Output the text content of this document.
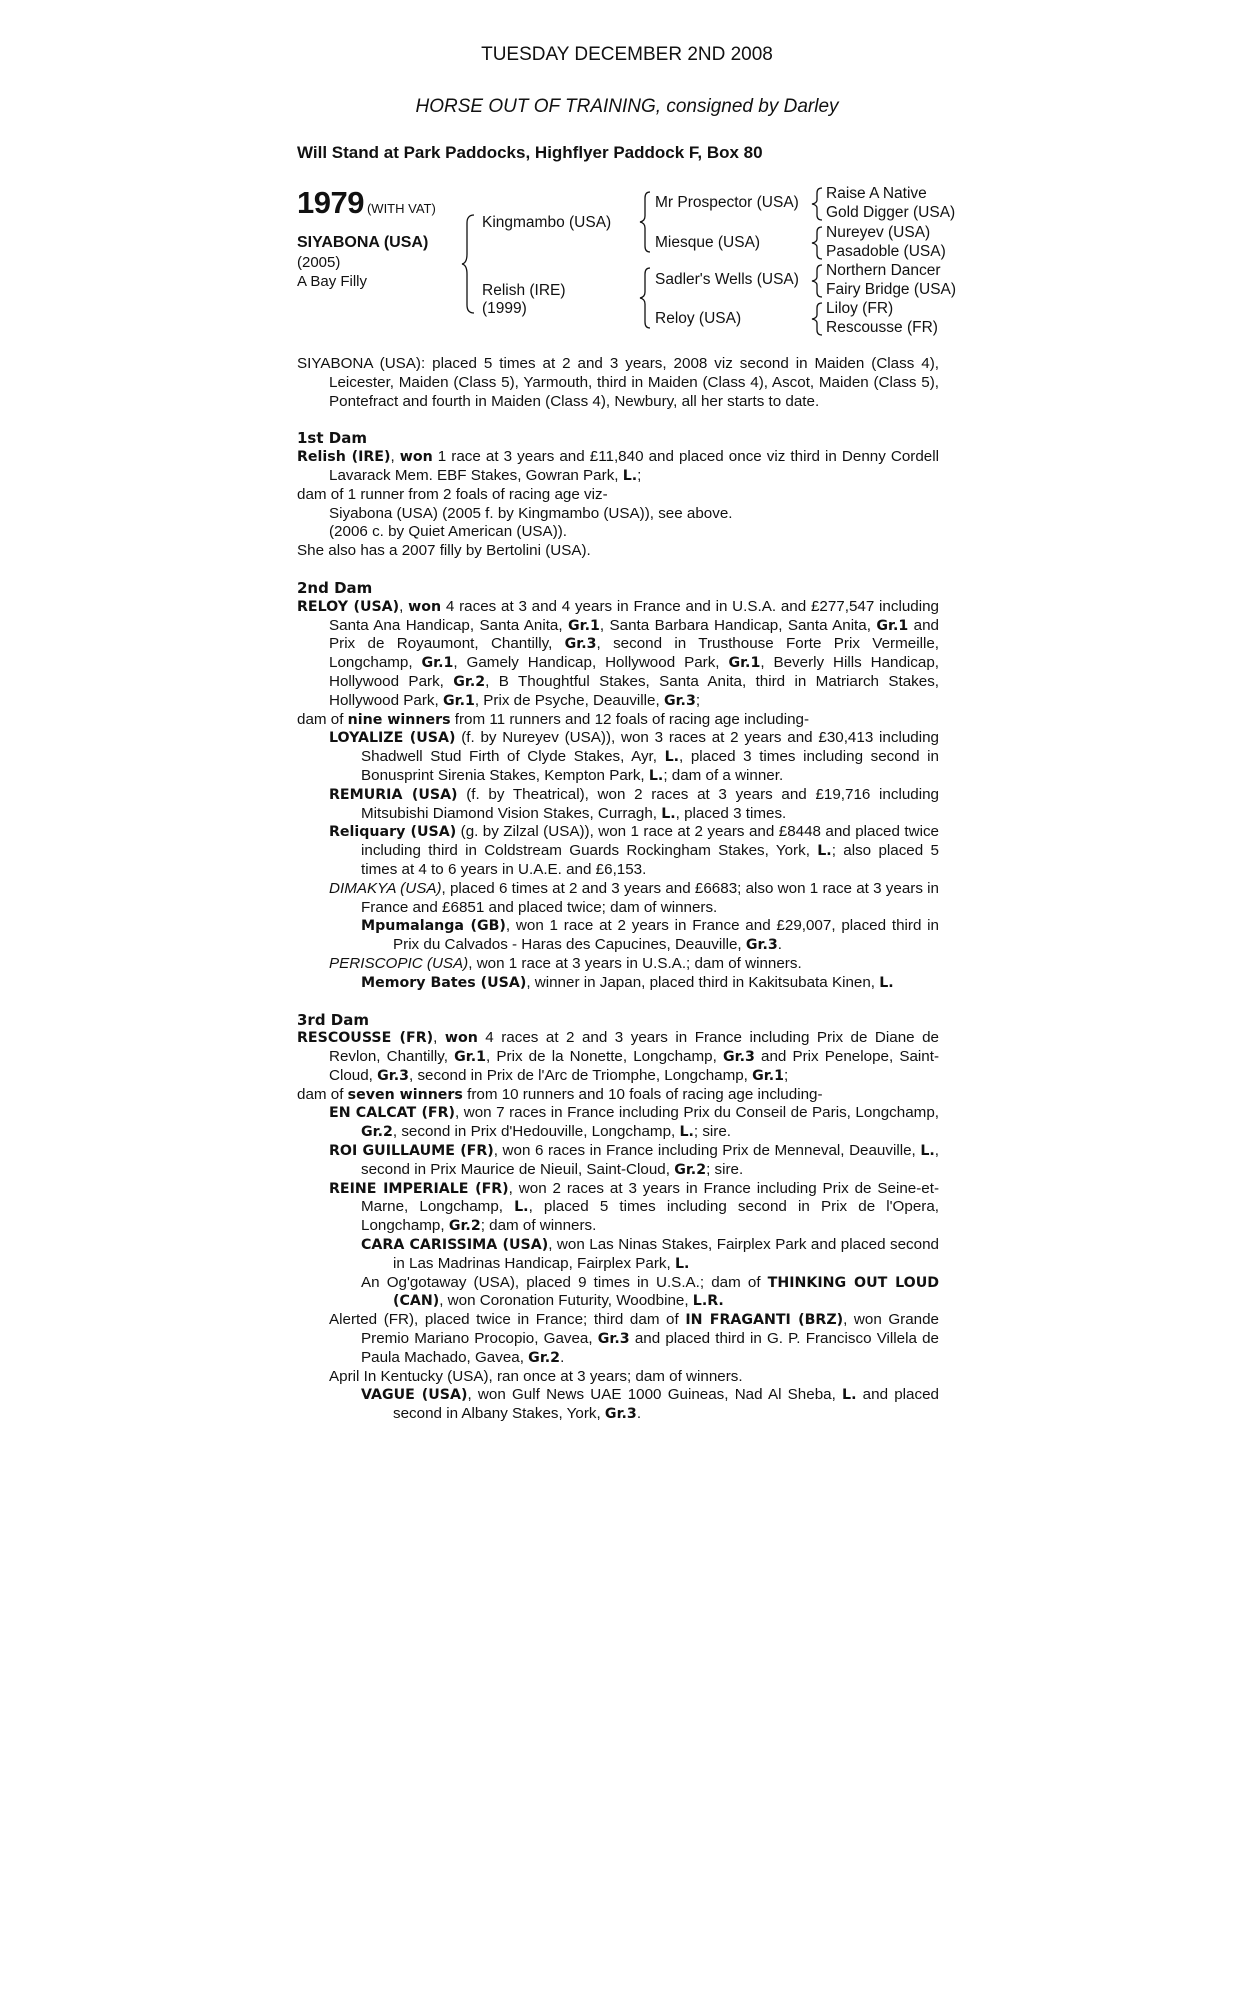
TUESDAY DECEMBER 2ND 2008
HORSE OUT OF TRAINING, consigned by Darley
Will Stand at Park Paddocks, Highflyer Paddock F, Box 80
1979 (WITH VAT)
SIYABONA (USA)
(2005)
A Bay Filly
Kingmambo (USA)
Relish (IRE)
(1999)
Mr Prospector (USA)
Miesque (USA)
Sadler's Wells (USA)
Reloy (USA)
Raise A Native
Gold Digger (USA)
Nureyev (USA)
Pasadoble (USA)
Northern Dancer
Fairy Bridge (USA)
Liloy (FR)
Rescousse (FR)

SIYABONA (USA): placed 5 times at 2 and 3 years, 2008 viz second in Maiden (Class 4), Leicester, Maiden (Class 5), Yarmouth, third in Maiden (Class 4), Ascot, Maiden (Class 5), Pontefract and fourth in Maiden (Class 4), Newbury, all her starts to date.

1st Dam

Relish (IRE), won 1 race at 3 years and £11,840 and placed once viz third in Denny Cordell Lavarack Mem. EBF Stakes, Gowran Park, L.;

dam of 1 runner from 2 foals of racing age viz-

Siyabona (USA) (2005 f. by Kingmambo (USA)), see above.

(2006 c. by Quiet American (USA)).

She also has a 2007 filly by Bertolini (USA).

2nd Dam

RELOY (USA), won 4 races at 3 and 4 years in France and in U.S.A. and £277,547 including Santa Ana Handicap, Santa Anita, Gr.1, Santa Barbara Handicap, Santa Anita, Gr.1 and Prix de Royaumont, Chantilly, Gr.3, second in Trusthouse Forte Prix Vermeille, Longchamp, Gr.1, Gamely Handicap, Hollywood Park, Gr.1, Beverly Hills Handicap, Hollywood Park, Gr.2, B Thoughtful Stakes, Santa Anita, third in Matriarch Stakes, Hollywood Park, Gr.1, Prix de Psyche, Deauville, Gr.3;

dam of nine winners from 11 runners and 12 foals of racing age including-

LOYALIZE (USA) (f. by Nureyev (USA)), won 3 races at 2 years and £30,413 including Shadwell Stud Firth of Clyde Stakes, Ayr, L., placed 3 times including second in Bonusprint Sirenia Stakes, Kempton Park, L.; dam of a winner.

REMURIA (USA) (f. by Theatrical), won 2 races at 3 years and £19,716 including Mitsubishi Diamond Vision Stakes, Curragh, L., placed 3 times.

Reliquary (USA) (g. by Zilzal (USA)), won 1 race at 2 years and £8448 and placed twice including third in Coldstream Guards Rockingham Stakes, York, L.; also placed 5 times at 4 to 6 years in U.A.E. and £6,153.

DIMAKYA (USA), placed 6 times at 2 and 3 years and £6683; also won 1 race at 3 years in France and £6851 and placed twice; dam of winners.

Mpumalanga (GB), won 1 race at 2 years in France and £29,007, placed third in Prix du Calvados - Haras des Capucines, Deauville, Gr.3.

PERISCOPIC (USA), won 1 race at 3 years in U.S.A.; dam of winners.

Memory Bates (USA), winner in Japan, placed third in Kakitsubata Kinen, L.

3rd Dam

RESCOUSSE (FR), won 4 races at 2 and 3 years in France including Prix de Diane de Revlon, Chantilly, Gr.1, Prix de la Nonette, Longchamp, Gr.3 and Prix Penelope, Saint-Cloud, Gr.3, second in Prix de l'Arc de Triomphe, Longchamp, Gr.1;

dam of seven winners from 10 runners and 10 foals of racing age including-

EN CALCAT (FR), won 7 races in France including Prix du Conseil de Paris, Longchamp, Gr.2, second in Prix d'Hedouville, Longchamp, L.; sire.

ROI GUILLAUME (FR), won 6 races in France including Prix de Menneval, Deauville, L., second in Prix Maurice de Nieuil, Saint-Cloud, Gr.2; sire.

REINE IMPERIALE (FR), won 2 races at 3 years in France including Prix de Seine-et-Marne, Longchamp, L., placed 5 times including second in Prix de l'Opera, Longchamp, Gr.2; dam of winners.

CARA CARISSIMA (USA), won Las Ninas Stakes, Fairplex Park and placed second in Las Madrinas Handicap, Fairplex Park, L.

An Og'gotaway (USA), placed 9 times in U.S.A.; dam of THINKING OUT LOUD (CAN), won Coronation Futurity, Woodbine, L.R.

Alerted (FR), placed twice in France; third dam of IN FRAGANTI (BRZ), won Grande Premio Mariano Procopio, Gavea, Gr.3 and placed third in G. P. Francisco Villela de Paula Machado, Gavea, Gr.2.

April In Kentucky (USA), ran once at 3 years; dam of winners.

VAGUE (USA), won Gulf News UAE 1000 Guineas, Nad Al Sheba, L. and placed second in Albany Stakes, York, Gr.3.
